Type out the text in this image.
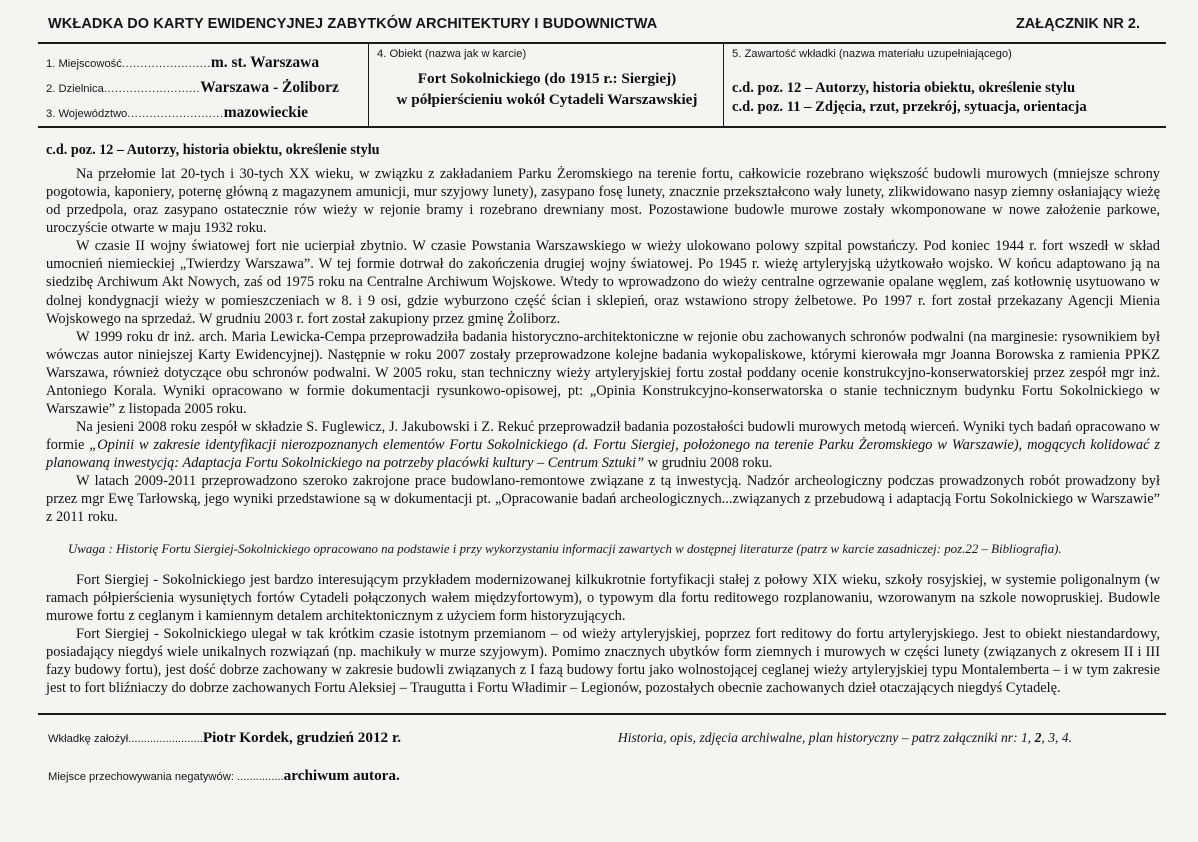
WKŁADKA DO KARTY EWIDENCYJNEJ ZABYTKÓW ARCHITEKTURY I BUDOWNICTWA	ZAŁĄCZNIK NR 2.
1. Miejscowość........................m. st. Warszawa
2. Dzielnica..........................Warszawa - Żoliborz
3. Województwo..........................mazowieckie
4. Obiekt (nazwa jak w karcie)
Fort Sokolnickiego (do 1915 r.: Siergiej)
w półpierścieniu wokół Cytadeli Warszawskiej
5. Zawartość wkładki (nazwa materiału uzupełniającego)
c.d. poz. 12 – Autorzy, historia obiektu, określenie stylu
c.d. poz. 11 – Zdjęcia, rzut, przekrój, sytuacja, orientacja
c.d. poz. 12 – Autorzy, historia obiektu, określenie stylu

Na przełomie lat 20-tych i 30-tych XX wieku, w związku z zakładaniem Parku Żeromskiego na terenie fortu, całkowicie rozebrano większość budowli murowych (mniejsze schrony pogotowia, kaponiery, poternę główną z magazynem amunicji, mur szyjowy lunety), zasypano fosę lunety, znacznie przekształcono wały lunety, zlikwidowano nasyp ziemny osłaniający wieżę od przedpola, oraz zasypano ostatecznie rów wieży w rejonie bramy i rozebrano drewniany most. Pozostawione budowle murowe zostały wkomponowane w nowe założenie parkowe, uroczyście otwarte w maju 1932 roku.

W czasie II wojny światowej fort nie ucierpiał zbytnio. W czasie Powstania Warszawskiego w wieży ulokowano polowy szpital powstańczy. Pod koniec 1944 r. fort wszedł w skład umocnień niemieckiej „Twierdzy Warszawa”. W tej formie dotrwał do zakończenia drugiej wojny światowej. Po 1945 r. wieżę artyleryjską użytkowało wojsko. W końcu adaptowano ją na siedzibę Archiwum Akt Nowych, zaś od 1975 roku na Centralne Archiwum Wojskowe. Wtedy to wprowadzono do wieży centralne ogrzewanie opalane węglem, zaś kotłownię usytuowano w dolnej kondygnacji wieży w pomieszczeniach w 8. i 9 osi, gdzie wyburzono część ścian i sklepień, oraz wstawiono stropy żelbetowe. Po 1997 r. fort został przekazany Agencji Mienia Wojskowego na sprzedaż. W grudniu 2003 r. fort został zakupiony przez gminę Żoliborz.

W 1999 roku dr inż. arch. Maria Lewicka-Cempa przeprowadziła badania historyczno-architektoniczne w rejonie obu zachowanych schronów podwalni (na marginesie: rysownikiem był wówczas autor niniejszej Karty Ewidencyjnej). Następnie w roku 2007 zostały przeprowadzone kolejne badania wykopaliskowe, którymi kierowała mgr Joanna Borowska z ramienia PPKZ Warszawa, również dotyczące obu schronów podwalni. W 2005 roku, stan techniczny wieży artyleryjskiej fortu został poddany ocenie konstrukcyjno-konserwatorskiej przez zespół mgr inż. Antoniego Korala. Wyniki opracowano w formie dokumentacji rysunkowo-opisowej, pt: „Opinia Konstrukcyjno-konserwatorska o stanie technicznym budynku Fortu Sokolnickiego w Warszawie” z listopada 2005 roku.

Na jesieni 2008 roku zespół w składzie S. Fuglewicz, J. Jakubowski i Z. Rekuć przeprowadził badania pozostałości budowli murowych metodą wierceń. Wyniki tych badań opracowano w formie „Opinii w zakresie identyfikacji nierozpoznanych elementów Fortu Sokolnickiego (d. Fortu Siergiej, położonego na terenie Parku Żeromskiego w Warszawie), mogących kolidować z planowaną inwestycją: Adaptacja Fortu Sokolnickiego na potrzeby placówki kultury – Centrum Sztuki” w grudniu 2008 roku.

W latach 2009-2011 przeprowadzono szeroko zakrojone prace budowlano-remontowe związane z tą inwestycją. Nadzór archeologiczny podczas prowadzonych robót prowadzony był przez mgr Ewę Tarłowską, jego wyniki przedstawione są w dokumentacji pt. „Opracowanie badań archeologicznych...związanych z przebudową i adaptacją Fortu Sokolnickiego w Warszawie” z 2011 roku.

Uwaga : Historię Fortu Siergiej-Sokolnickiego opracowano na podstawie i przy wykorzystaniu informacji zawartych w dostępnej literaturze (patrz w karcie zasadniczej: poz.22 – Bibliografia).

Fort Siergiej - Sokolnickiego jest bardzo interesującym przykładem modernizowanej kilkukrotnie fortyfikacji stałej z połowy XIX wieku, szkoły rosyjskiej, w systemie poligonalnym (w ramach półpierścienia wysuniętych fortów Cytadeli połączonych wałem międzyfortowym), o typowym dla fortu reditowego rozplanowaniu, wzorowanym na szkole nowopruskiej. Budowle murowe fortu z ceglanym i kamiennym detalem architektonicznym z użyciem form historyzujących.

Fort Siergiej - Sokolnickiego ulegał w tak krótkim czasie istotnym przemianom – od wieży artyleryjskiej, poprzez fort reditowy do fortu artyleryjskiego. Jest to obiekt niestandardowy, posiadający niegdyś wiele unikalnych rozwiązań (np. machikuły w murze szyjowym). Pomimo znacznych ubytków form ziemnych i murowych w części lunety (związanych z okresem II i III fazy budowy fortu), jest dość dobrze zachowany w zakresie budowli związanych z I fazą budowy fortu jako wolnostojącej ceglanej wieży artyleryjskiej typu Montalemberta – i w tym zakresie jest to fort bliźniaczy do dobrze zachowanych Fortu Aleksiej – Traugutta i Fortu Władimir – Legionów, pozostałych obecnie zachowanych dzieł otaczających niegdyś Cytadelę.

Wkładkę założył........................Piotr Kordek, grudzień 2012 r.
Miejsce przechowywania negatywów: ...............archiwum autora.
Historia, opis, zdjęcia archiwalne, plan historyczny – patrz załączniki nr: 1, 2, 3, 4.
